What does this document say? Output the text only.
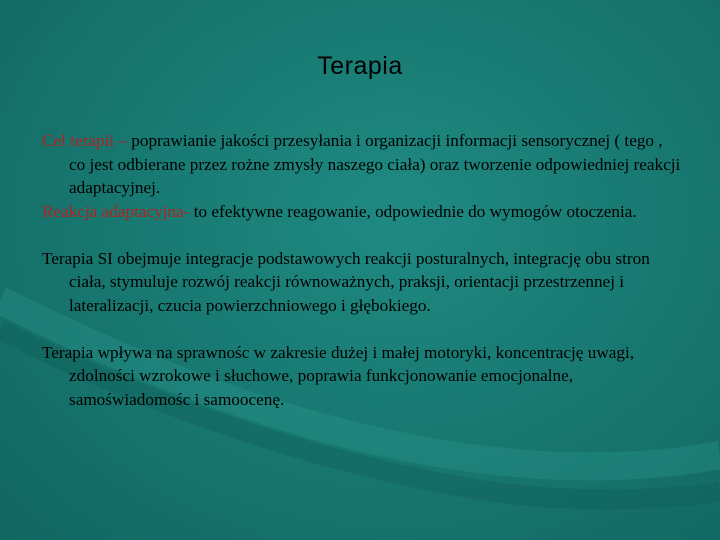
Terapia

Cel terapii – poprawianie jakości przesyłania i organizacji informacji sensorycznej ( tego , co jest odbierane przez rożne zmysły naszego ciała) oraz tworzenie odpowiedniej reakcji adaptacyjnej.

Reakcja adaptacyjna- to efektywne reagowanie, odpowiednie do wymogów otoczenia.

Terapia SI obejmuje integracje podstawowych reakcji posturalnych, integrację obu stron ciała, stymuluje rozwój reakcji równoważnych, praksji, orientacji przestrzennej i lateralizacji, czucia powierzchniowego i głębokiego.

Terapia wpływa na sprawnośc w zakresie dużej i małej motoryki, koncentrację uwagi, zdolności wzrokowe i słuchowe, poprawia funkcjonowanie emocjonalne, samoświadomośc i samoocenę.
